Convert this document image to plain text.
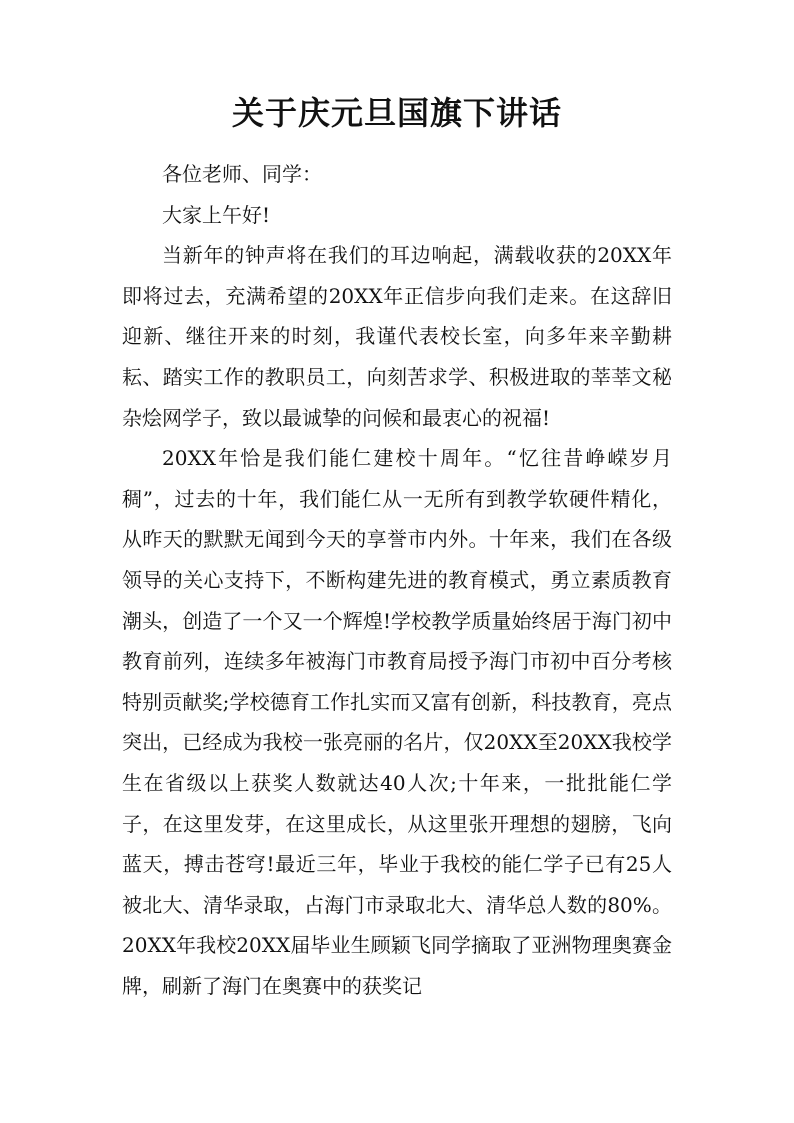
关于庆元旦国旗下讲话

各位老师、同学：

大家上午好!

当新年的钟声将在我们的耳边响起，满载收获的20XX年即将过去，充满希望的20XX年正信步向我们走来。在这辞旧迎新、继往开来的时刻，我谨代表校长室，向多年来辛勤耕耘、踏实工作的教职员工，向刻苦求学、积极进取的莘莘文秘杂烩网学子，致以最诚挚的问候和最衷心的祝福!

20XX年恰是我们能仁建校十周年。“忆往昔峥嵘岁月稠”，过去的十年，我们能仁从一无所有到教学软硬件精化，从昨天的默默无闻到今天的享誉市内外。十年来，我们在各级领导的关心支持下，不断构建先进的教育模式，勇立素质教育潮头，创造了一个又一个辉煌!学校教学质量始终居于海门初中教育前列，连续多年被海门市教育局授予海门市初中百分考核特别贡献奖;学校德育工作扎实而又富有创新，科技教育，亮点突出，已经成为我校一张亮丽的名片，仅20XX至20XX我校学生在省级以上获奖人数就达40人次;十年来，一批批能仁学子，在这里发芽，在这里成长，从这里张开理想的翅膀，飞向蓝天，搏击苍穹!最近三年，毕业于我校的能仁学子已有25人被北大、清华录取，占海门市录取北大、清华总人数的80%。20XX年我校20XX届毕业生顾颖飞同学摘取了亚洲物理奥赛金牌，刷新了海门在奥赛中的获奖记
